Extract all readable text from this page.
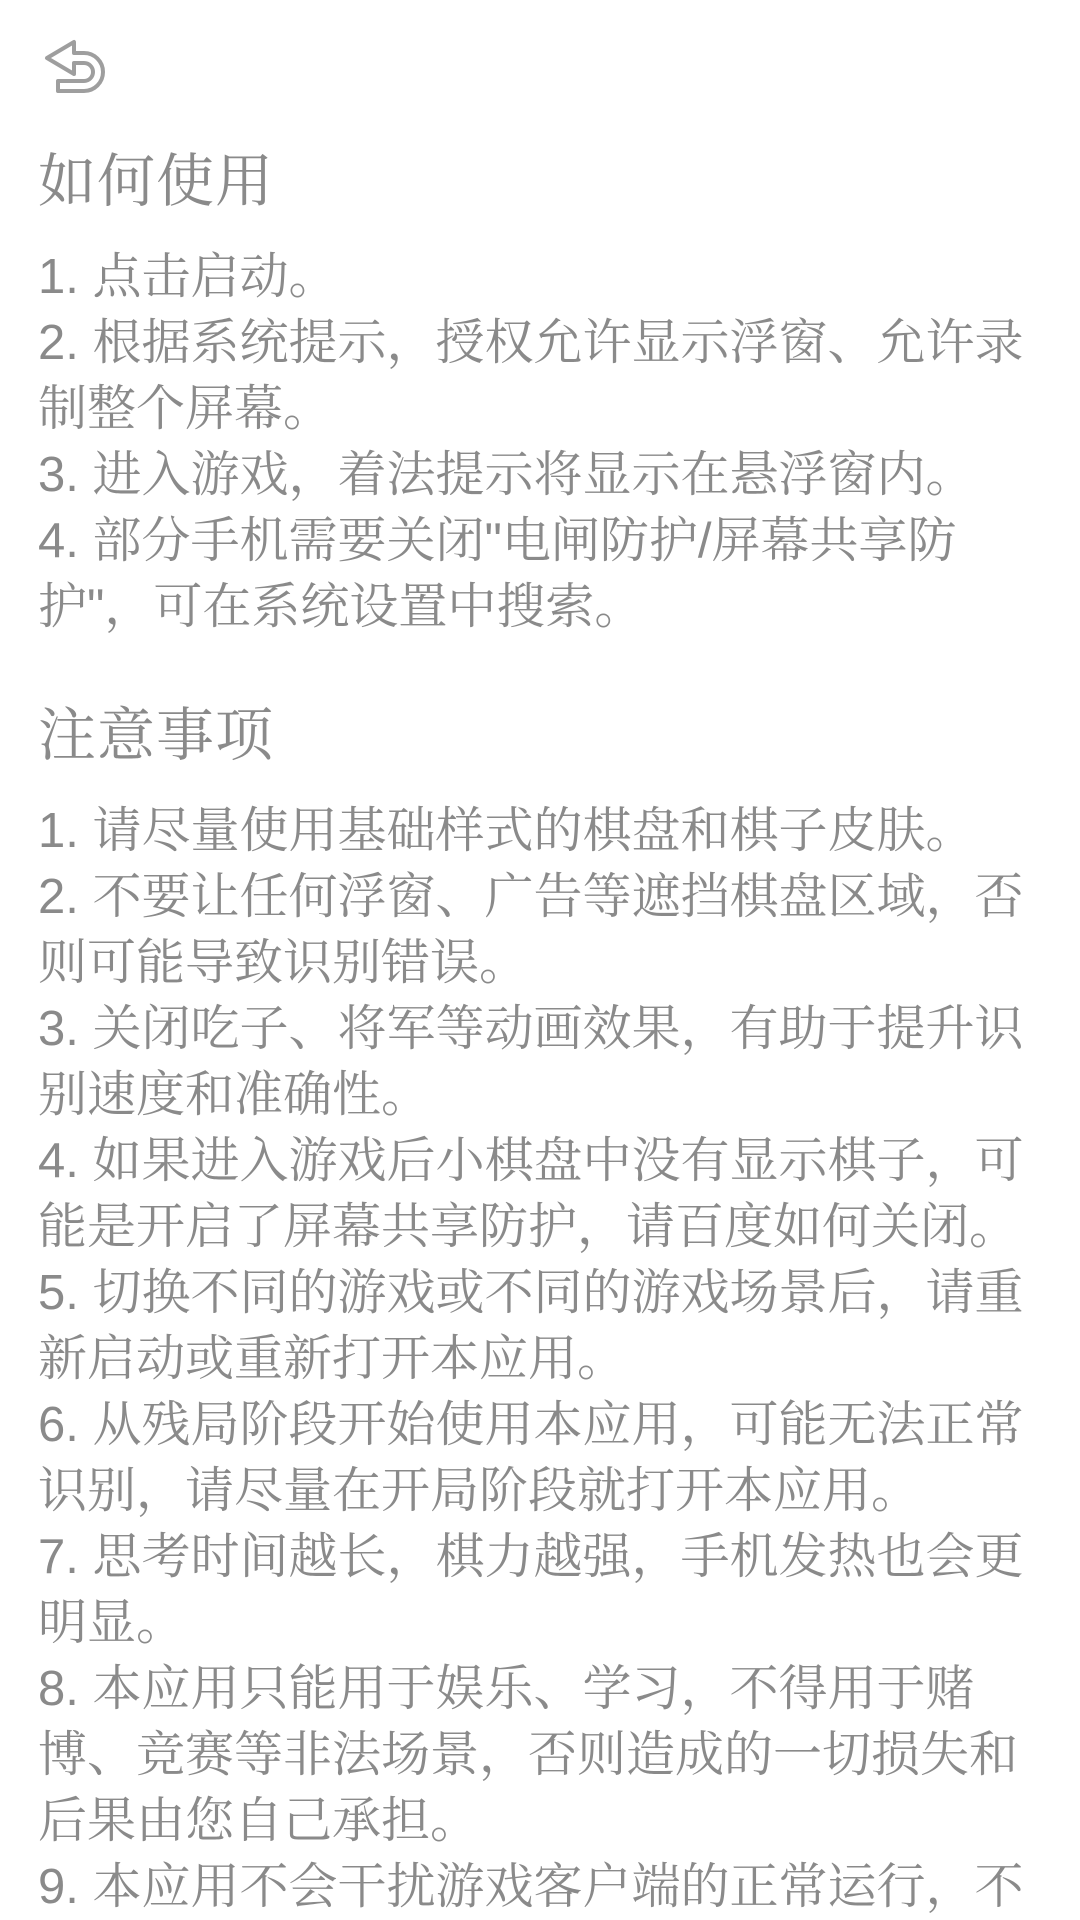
如何使用

1. 点击启动。

2. 根据系统提示，授权允许显示浮窗、允许录制整个屏幕。

3. 进入游戏，着法提示将显示在悬浮窗内。

4. 部分手机需要关闭"电闸防护/屏幕共享防护"，可在系统设置中搜索。

注意事项

1. 请尽量使用基础样式的棋盘和棋子皮肤。

2. 不要让任何浮窗、广告等遮挡棋盘区域，否则可能导致识别错误。

3. 关闭吃子、将军等动画效果，有助于提升识别速度和准确性。

4. 如果进入游戏后小棋盘中没有显示棋子，可能是开启了屏幕共享防护，请百度如何关闭。

5. 切换不同的游戏或不同的游戏场景后，请重新启动或重新打开本应用。

6. 从残局阶段开始使用本应用，可能无法正常识别，请尽量在开局阶段就打开本应用。

7. 思考时间越长，棋力越强，手机发热也会更明显。

8. 本应用只能用于娱乐、学习，不得用于赌博、竞赛等非法场景，否则造成的一切损失和后果由您自己承担。

9. 本应用不会干扰游戏客户端的正常运行，不
